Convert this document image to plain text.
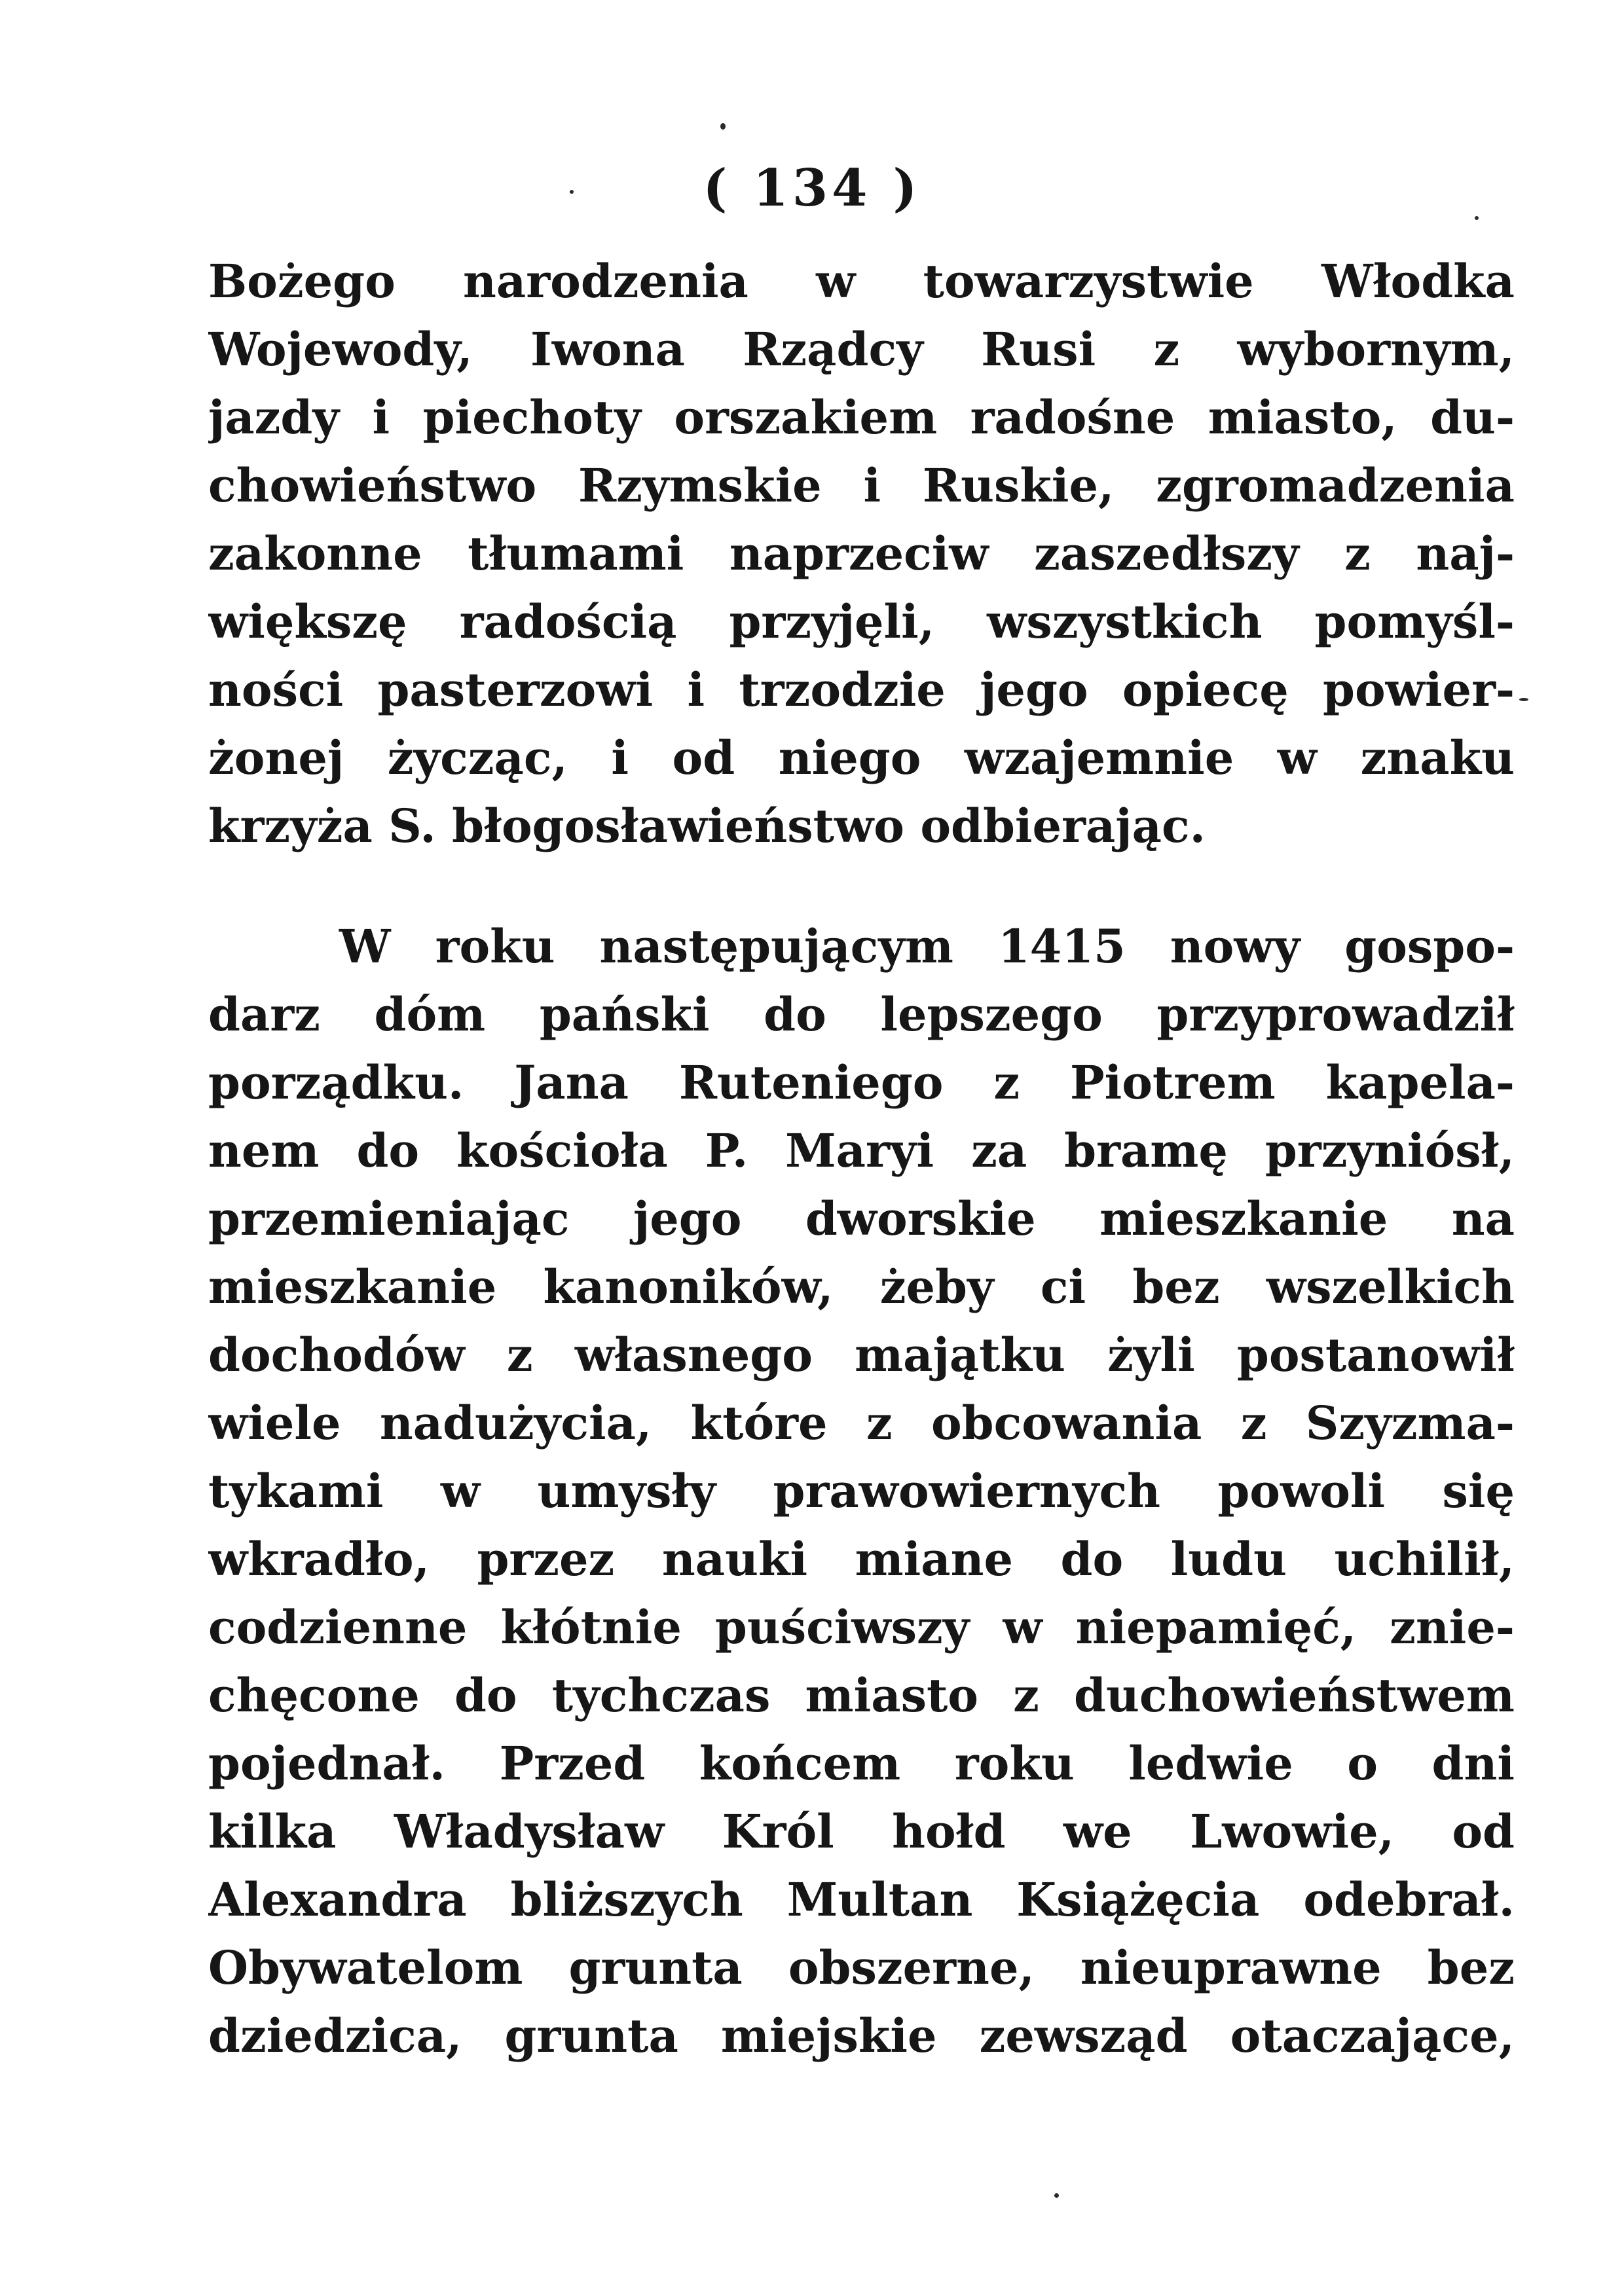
( 134 )
Bożego narodzenia w towarzystwie Włodka
Wojewody, Iwona Rządcy Rusi z wybornym,
jazdy i piechoty orszakiem radośne miasto, du-
chowieństwo Rzymskie i Ruskie, zgromadzenia
zakonne tłumami naprzeciw zaszedłszy z naj-
większę radością przyjęli, wszystkich pomyśl-
ności pasterzowi i trzodzie jego opiecę powier-
żonej życząc, i od niego wzajemnie w znaku
krzyża S. błogosławieństwo odbierając.
W roku następującym 1415 nowy gospo-
darz dóm pański do lepszego przyprowadził
porządku. Jana Ruteniego z Piotrem kapela-
nem do kościoła P. Maryi za bramę przyniósł,
przemieniając jego dworskie mieszkanie na
mieszkanie kanoników, żeby ci bez wszelkich
dochodów z własnego majątku żyli postanowił
wiele nadużycia, które z obcowania z Szyzma-
tykami w umysły prawowiernych powoli się
wkradło, przez nauki miane do ludu uchilił,
codzienne kłótnie puściwszy w niepamięć, znie-
chęcone do tychczas miasto z duchowieństwem
pojednał. Przed końcem roku ledwie o dni
kilka Władysław Król hołd we Lwowie, od
Alexandra bliższych Multan Książęcia odebrał.
Obywatelom grunta obszerne, nieuprawne bez
dziedzica, grunta miejskie zewsząd otaczające,
